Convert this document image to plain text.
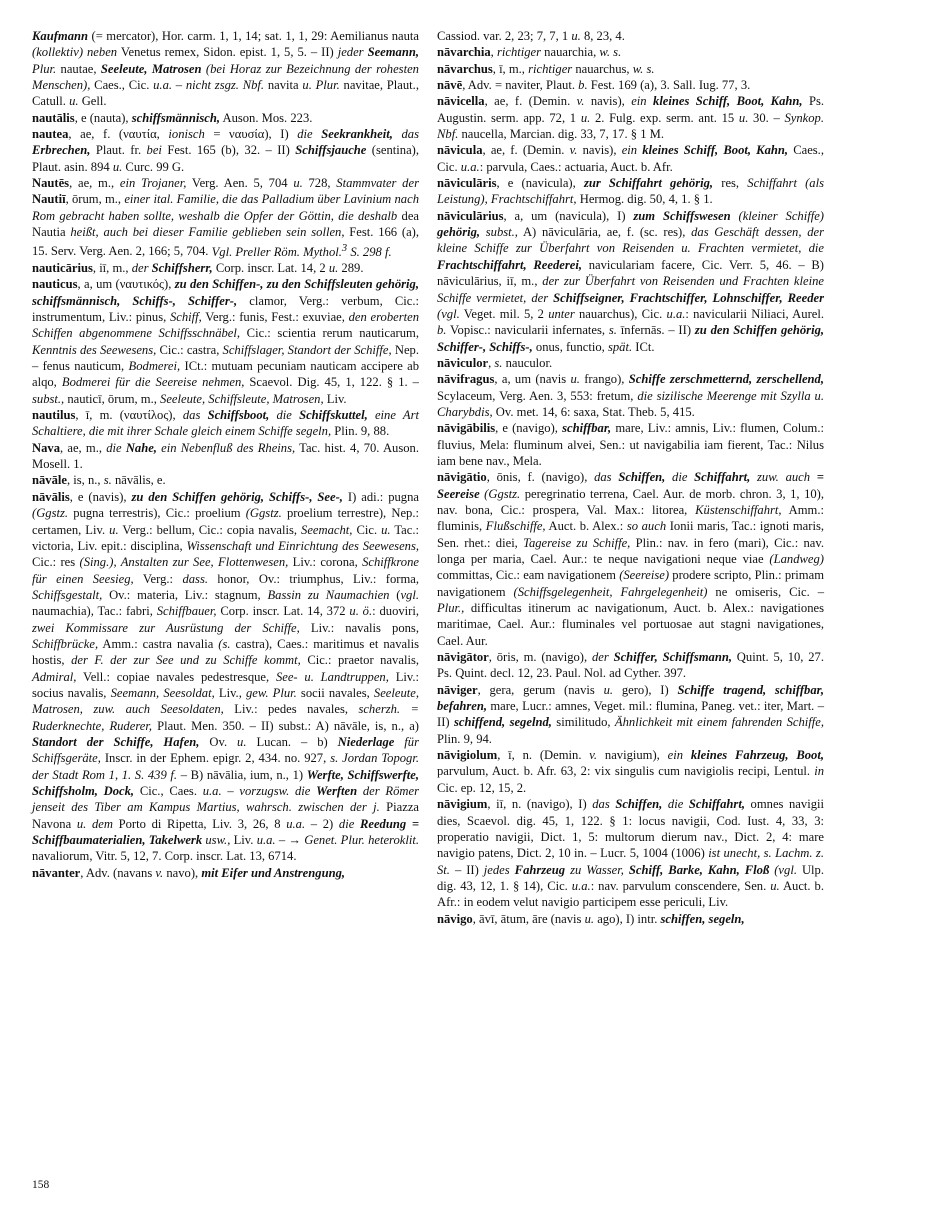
Kaufmann (= mercator), Hor. carm. 1, 1, 14; sat. 1, 1, 29: Aemilianus nauta (kollektiv) neben Venetus remex, Sidon. epist. 1, 5, 5. – II) jeder Seemann, Plur. nautae, Seeleute, Matrosen (bei Horaz zur Bezeichnung der rohesten Menschen), Caes., Cic. u.a. – nicht zsgz. Nbf. navita u. Plur. navitae, Plaut., Catull. u. Gell.
nautālis, e (nauta), schiffsmännisch, Auson. Mos. 223.
nautea, ae, f. (ναυτία, ionisch = ναυσία), I) die Seekrankheit, das Erbrechen, Plaut. fr. bei Fest. 165 (b), 32. – II) Schiffsjauche (sentina), Plaut. asin. 894 u. Curc. 99 G.
Nautēs, ae, m., ein Trojaner, Verg. Aen. 5, 704 u. 728, Stammvater der Nautiī, ōrum, m., einer ital. Familie, die das Palladium über Lavinium nach Rom gebracht haben sollte, weshalb die Opfer der Göttin, die deshalb dea Nautia heißt, auch bei dieser Familie geblieben sein sollen, Fest. 166 (a), 15. Serv. Verg. Aen. 2, 166; 5, 704. Vgl. Preller Röm. Mythol.$^3$ S. 298 f.
nauticārius, iī, m., der Schiffsherr, Corp. inscr. Lat. 14, 2 u. 289.
nauticus, a, um (ναυτικός), zu den Schiffen-, zu den Schiffsleuten gehörig, schiffsmännisch, Schiffs-, Schiffer-, clamor, Verg.: verbum, Cic.: instrumentum, Liv.: pinus, Schiff, Verg.: funis, Fest.: exuviae, den eroberten Schiffen abgenommene Schiffsschnäbel, Cic.: scientia rerum nauticarum, Kenntnis des Seewesens, Cic.: castra, Schiffslager, Standort der Schiffe, Nep. – fenus nauticum, Bodmerei, ICt.: mutuam pecuniam nauticam accipere ab alqo, Bodmerei für die Seereise nehmen, Scaevol. Dig. 45, 1, 122. § 1. – subst., nauticī, ōrum, m., Seeleute, Schiffsleute, Matrosen, Liv.
nautilus, ī, m. (ναυτίλος), das Schiffsboot, die Schiffskuttel, eine Art Schaltiere, die mit ihrer Schale gleich einem Schiffe segeln, Plin. 9, 88.
Nava, ae, m., die Nahe, ein Nebenfluß des Rheins, Tac. hist. 4, 70. Auson. Mosell. 1.
nāvāle, is, n., s. nāvālis, e.
nāvālis, e (navis), zu den Schiffen gehörig, Schiffs-, See-, I) adi.: pugna (Ggstz. pugna terrestris), Cic.: proelium (Ggstz. proelium terrestre), Nep.: certamen, Liv. u. Verg.: bellum, Cic.: copia navalis, Seemacht, Cic. u. Tac.: victoria, Liv. epit.: disciplina, Wissenschaft und Einrichtung des Seewesens, Cic.: res (Sing.), Anstalten zur See, Flottenwesen, Liv.: corona, Schiffkrone für einen Seesieg, Verg.: dass. honor, Ov.: triumphus, Liv.: forma, Schiffsgestalt, Ov.: materia, Liv.: stagnum, Bassin zu Naumachien (vgl. naumachia), Tac.: fabri, Schiffbauer, Corp. inscr. Lat. 14, 372 u. ö.: duoviri, zwei Kommissare zur Ausrüstung der Schiffe, Liv.: navalis pons, Schiffbrücke, Amm.: castra navalia (s. castra), Caes.: maritimus et navalis hostis, der F. der zur See und zu Schiffe kommt, Cic.: praetor navalis, Admiral, Vell.: copiae navales pedestresque, See- u. Landtruppen, Liv.: socius navalis, Seemann, Seesoldat, Liv., gew. Plur. socii navales, Seeleute, Matrosen, zuw. auch Seesoldaten, Liv.: pedes navales, scherzh. = Ruderknechte, Ruderer, Plaut. Men. 350. – II) subst.: A) nāvāle, is, n., a) Standort der Schiffe, Hafen, Ov. u. Lucan. – b) Niederlage für Schiffsgeräte, Inscr. in der Ephem. epigr. 2, 434. no. 927, s. Jordan Topogr. der Stadt Rom 1, 1. S. 439 f. – B) nāvālia, ium, n., 1) Werfte, Schiffswerfte, Schiffsholm, Dock, Cic., Caes. u.a. – vorzugsw. die Werften der Römer jenseit des Tiber am Kampus Martius, wahrsch. zwischen der j. Piazza Navona u. dem Porto di Ripetta, Liv. 3, 26, 8 u.a. – 2) die Reedung = Schiffbaumaterialien, Takelwerk usw., Liv. u.a. – → Genet. Plur. heteroklit. navaliorum, Vitr. 5, 12, 7. Corp. inscr. Lat. 13, 6714.
nāvanter, Adv. (navans v. navo), mit Eifer und Anstrengung,
Cassiod. var. 2, 23; 7, 7, 1 u. 8, 23, 4.
nāvarchia, richtiger nauarchia, w. s.
nāvarchus, ī, m., richtiger nauarchus, w. s.
nāvē, Adv. = naviter, Plaut. b. Fest. 169 (a), 3. Sall. Iug. 77, 3.
nāvicella, ae, f. (Demin. v. navis), ein kleines Schiff, Boot, Kahn, Ps. Augustin. serm. app. 72, 1 u. 2. Fulg. exp. serm. ant. 15 u. 30. – Synkop. Nbf. naucella, Marcian. dig. 33, 7, 17. § 1 M.
nāvicula, ae, f. (Demin. v. navis), ein kleines Schiff, Boot, Kahn, Caes., Cic. u.a.: parvula, Caes.: actuaria, Auct. b. Afr.
nāviculāris, e (navicula), zur Schiffahrt gehörig, res, Schiffahrt (als Leistung), Frachtschiffahrt, Hermog. dig. 50, 4, 1. § 1.
nāviculārius, a, um (navicula), I) zum Schiffswesen (kleiner Schiffe) gehörig, subst., A) nāviculāria, ae, f. (sc. res), das Geschäft dessen, der kleine Schiffe zur Überfahrt von Reisenden u. Frachten vermietet, die Frachtschiffahrt, Reederei, naviculariam facere, Cic. Verr. 5, 46. – B) nāviculārius, iī, m., der zur Überfahrt von Reisenden und Frachten kleine Schiffe vermietet, der Schiffseigner, Frachtschiffer, Lohnschiffer, Reeder (vgl. Veget. mil. 5, 2 unter nauarchus), Cic. u.a.: navicularii Niliaci, Aurel. b. Vopisc.: navicularii infernates, s. īnfernās. – II) zu den Schiffen gehörig, Schiffer-, Schiffs-, onus, functio, spät. ICt.
nāviculor, s. nauculor.
nāvifragus, a, um (navis u. frango), Schiffe zerschmetternd, zerschellend, Scylaceum, Verg. Aen. 3, 553: fretum, die sizilische Meerenge mit Szylla u. Charybdis, Ov. met. 14, 6: saxa, Stat. Theb. 5, 415.
nāvigābilis, e (navigo), schiffbar, mare, Liv.: amnis, Liv.: flumen, Colum.: fluvius, Mela: fluminum alvei, Sen.: ut navigabilia iam fierent, Tac.: Nilus iam bene nav., Mela.
nāvigātio, ōnis, f. (navigo), das Schiffen, die Schiffahrt, zuw. auch = Seereise (Ggstz. peregrinatio terrena, Cael. Aur. de morb. chron. 3, 1, 10), nav. bona, Cic.: prospera, Val. Max.: litorea, Küstenschiffahrt, Amm.: fluminis, Flußschiffe, Auct. b. Alex.: so auch Ionii maris, Tac.: ignoti maris, Sen. rhet.: diei, Tagereise zu Schiffe, Plin.: nav. in fero (mari), Cic.: nav. longa per maria, Cael. Aur.: te neque navigationi neque viae (Landweg) committas, Cic.: eam navigationem (Seereise) prodere scripto, Plin.: primam navigationem (Schiffsgelegenheit, Fahrgelegenheit) ne omiseris, Cic. – Plur., difficultas itinerum ac navigationum, Auct. b. Alex.: navigationes maritimae, Cael. Aur.: fluminales vel portuosae aut stagni navigationes, Cael. Aur.
nāvigātor, ōris, m. (navigo), der Schiffer, Schiffsmann, Quint. 5, 10, 27. Ps. Quint. decl. 12, 23. Paul. Nol. ad Cyther. 397.
nāviger, gera, gerum (navis u. gero), I) Schiffe tragend, schiffbar, befahren, mare, Lucr.: amnes, Veget. mil.: flumina, Paneg. vet.: iter, Mart. – II) schiffend, segelnd, similitudo, Ähnlichkeit mit einem fahrenden Schiffe, Plin. 9, 94.
nāvigiolum, ī, n. (Demin. v. navigium), ein kleines Fahrzeug, Boot, parvulum, Auct. b. Afr. 63, 2: vix singulis cum navigiolis recipi, Lentul. in Cic. ep. 12, 15, 2.
nāvigium, iī, n. (navigo), I) das Schiffen, die Schiffahrt, omnes navigii dies, Scaevol. dig. 45, 1, 122. § 1: locus navigii, Cod. Iust. 4, 33, 3: properatio navigii, Dict. 1, 5: multorum dierum nav., Dict. 2, 4: mare navigio patens, Dict. 2, 10 in. – Lucr. 5, 1004 (1006) ist unecht, s. Lachm. z. St. – II) jedes Fahrzeug zu Wasser, Schiff, Barke, Kahn, Floß (vgl. Ulp. dig. 43, 12, 1. § 14), Cic. u.a.: nav. parvulum conscendere, Sen. u. Auct. b. Afr.: in eodem velut navigio participem esse periculi, Liv.
nāvigo, āvī, ātum, āre (navis u. ago), I) intr. schiffen, segeln,
158
